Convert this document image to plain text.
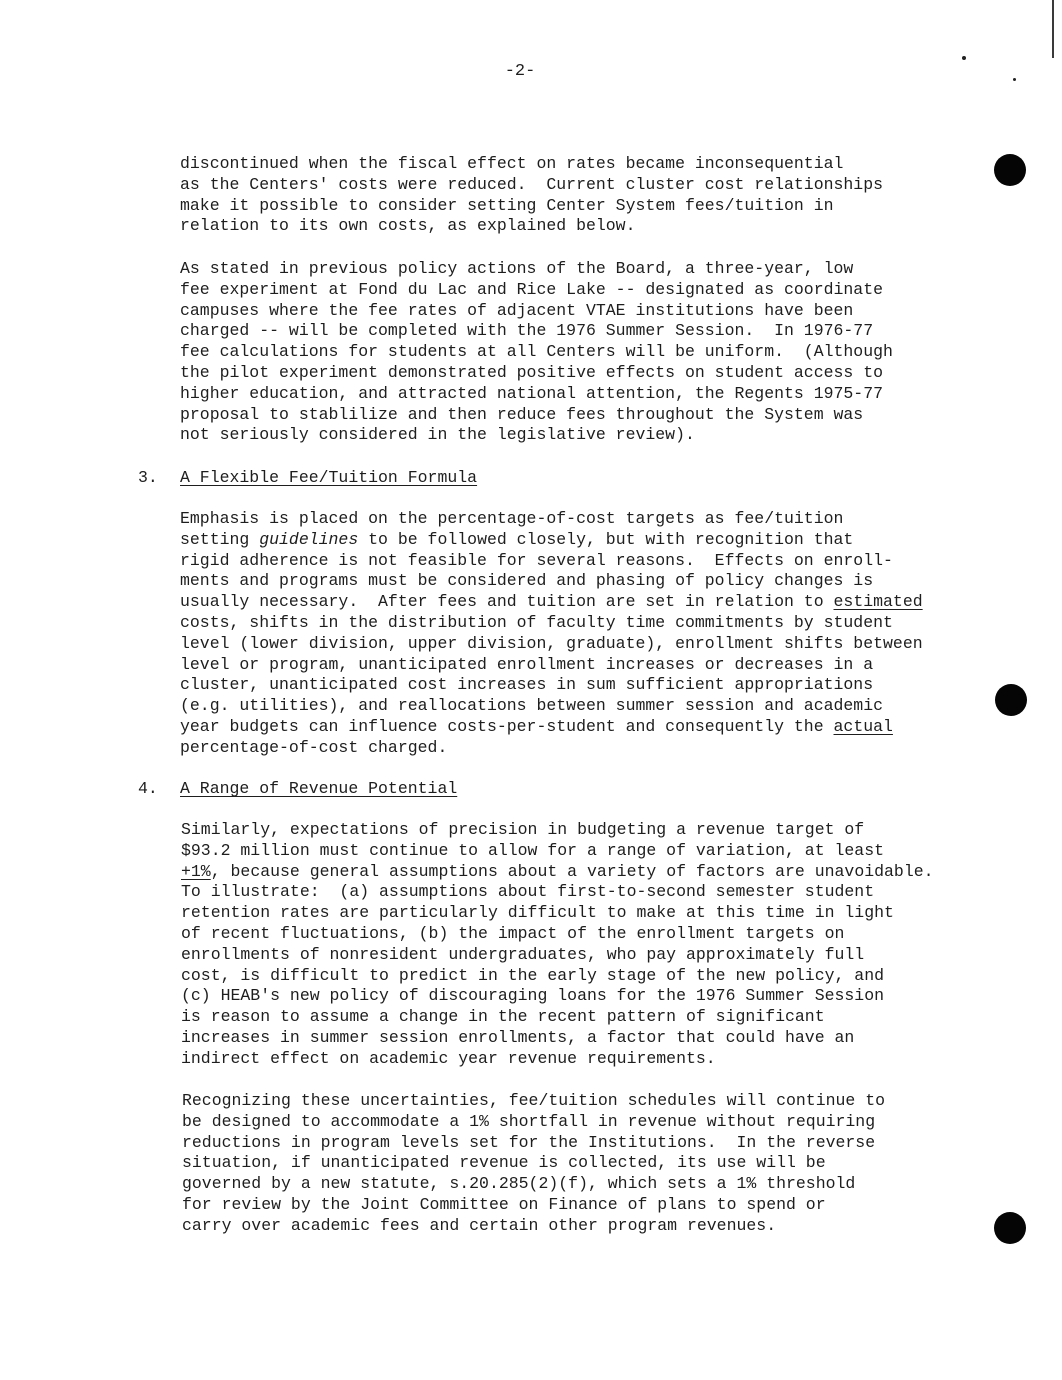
-2-
discontinued when the fiscal effect on rates became inconsequential
as the Centers' costs were reduced.  Current cluster cost relationships
make it possible to consider setting Center System fees/tuition in
relation to its own costs, as explained below.
As stated in previous policy actions of the Board, a three-year, low
fee experiment at Fond du Lac and Rice Lake -- designated as coordinate
campuses where the fee rates of adjacent VTAE institutions have been
charged -- will be completed with the 1976 Summer Session.  In 1976-77
fee calculations for students at all Centers will be uniform.  (Although
the pilot experiment demonstrated positive effects on student access to
higher education, and attracted national attention, the Regents 1975-77
proposal to stablilize and then reduce fees throughout the System was
not seriously considered in the legislative review).

3.

A Flexible Fee/Tuition Formula

Emphasis is placed on the percentage-of-cost targets as fee/tuition
setting guidelines to be followed closely, but with recognition that
rigid adherence is not feasible for several reasons.  Effects on enroll-
ments and programs must be considered and phasing of policy changes is
usually necessary.  After fees and tuition are set in relation to estimated
costs, shifts in the distribution of faculty time commitments by student
level (lower division, upper division, graduate), enrollment shifts between
level or program, unanticipated enrollment increases or decreases in a
cluster, unanticipated cost increases in sum sufficient appropriations
(e.g. utilities), and reallocations between summer session and academic
year budgets can influence costs-per-student and consequently the actual
percentage-of-cost charged.

4.

A Range of Revenue Potential

Similarly, expectations of precision in budgeting a revenue target of
$93.2 million must continue to allow for a range of variation, at least
+1%, because general assumptions about a variety of factors are unavoidable.
To illustrate:  (a) assumptions about first-to-second semester student
retention rates are particularly difficult to make at this time in light
of recent fluctuations, (b) the impact of the enrollment targets on
enrollments of nonresident undergraduates, who pay approximately full
cost, is difficult to predict in the early stage of the new policy, and
(c) HEAB's new policy of discouraging loans for the 1976 Summer Session
is reason to assume a change in the recent pattern of significant
increases in summer session enrollments, a factor that could have an
indirect effect on academic year revenue requirements.
Recognizing these uncertainties, fee/tuition schedules will continue to
be designed to accommodate a 1% shortfall in revenue without requiring
reductions in program levels set for the Institutions.  In the reverse
situation, if unanticipated revenue is collected, its use will be
governed by a new statute, s.20.285(2)(f), which sets a 1% threshold
for review by the Joint Committee on Finance of plans to spend or
carry over academic fees and certain other program revenues.
